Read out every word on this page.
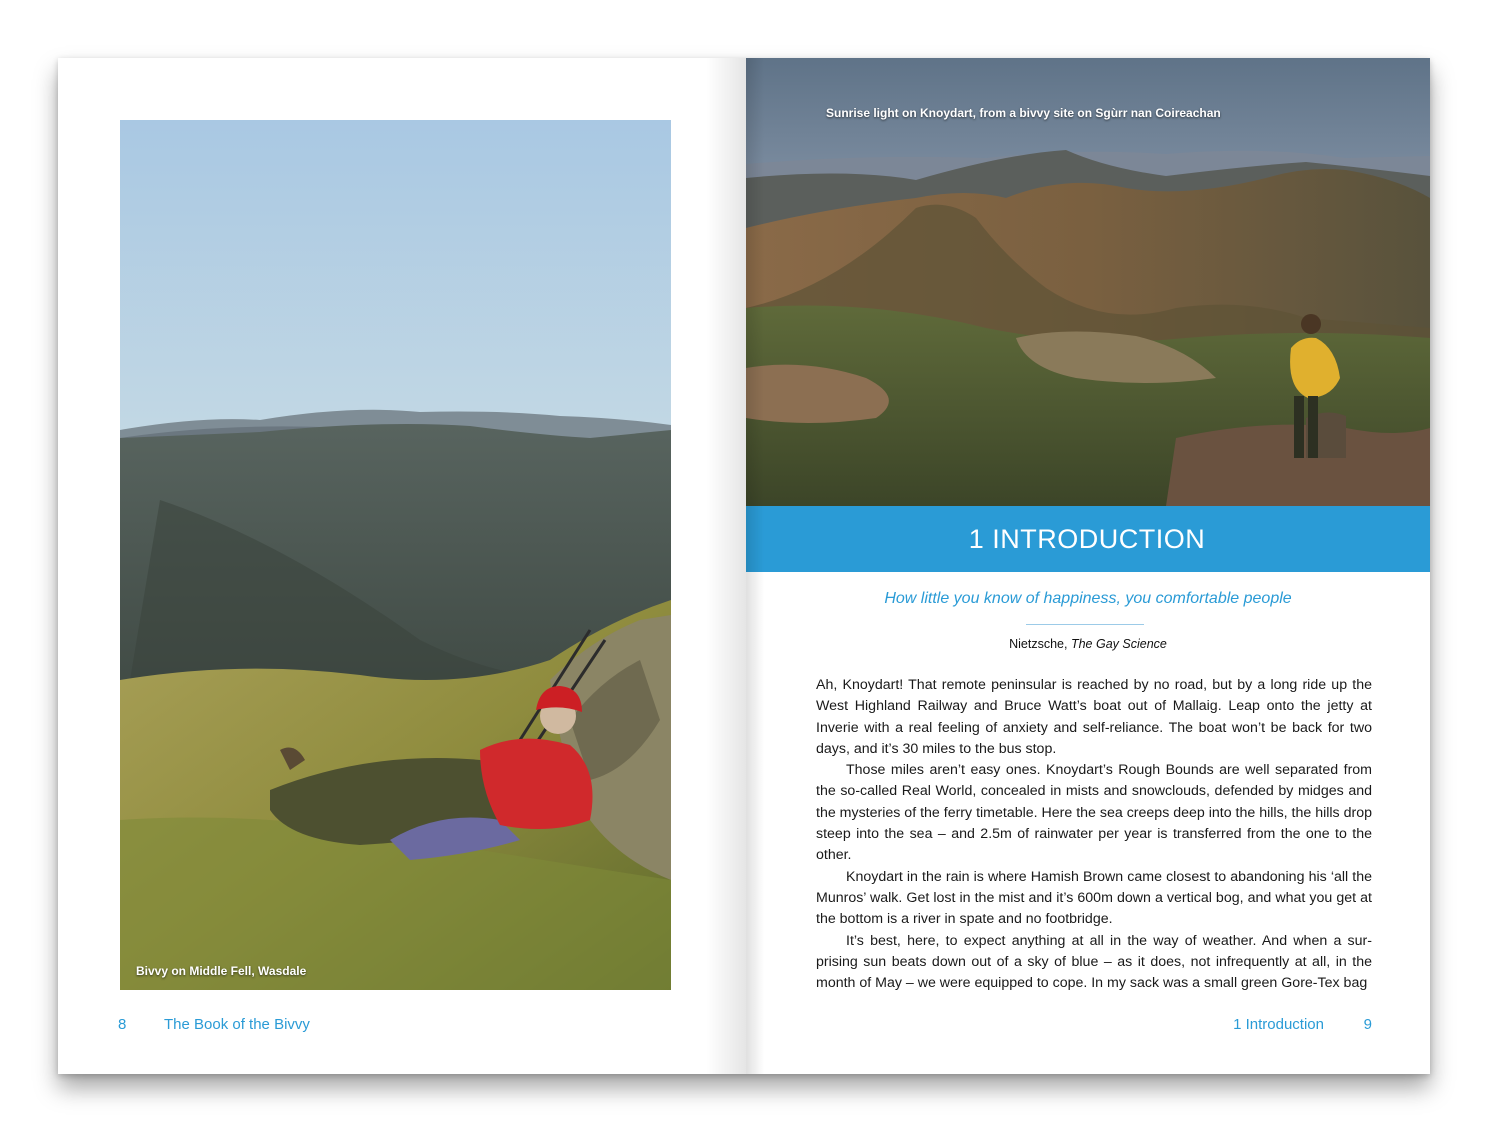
Bivvy on Middle Fell, Wasdale
8	The Book of the Bivvy
Sunrise light on Knoydart, from a bivvy site on Sgùrr nan Coireachan
1 INTRODUCTION
How little you know of happiness, you comfortable people
Nietzsche, The Gay Science

Ah, Knoydart! That remote peninsular is reached by no road, but by a long ride up the West Highland Railway and Bruce Watt’s boat out of Mallaig. Leap onto the jetty at Inverie with a real feeling of anxiety and self-reliance. The boat won’t be back for two days, and it’s 30 miles to the bus stop.

Those miles aren’t easy ones. Knoydart’s Rough Bounds are well separated from the so-called Real World, concealed in mists and snowclouds, defended by midges and the mysteries of the ferry timetable. Here the sea creeps deep into the hills, the hills drop steep into the sea – and 2.5m of rainwater per year is transferred from the one to the other.

Knoydart in the rain is where Hamish Brown came closest to abandoning his ‘all the Munros’ walk. Get lost in the mist and it’s 600m down a vertical bog, and what you get at the bottom is a river in spate and no footbridge.

It’s best, here, to expect anything at all in the way of weather. And when a sur- prising sun beats down out of a sky of blue – as it does, not infrequently at all, in the month of May – we were equipped to cope. In my sack was a small green Gore-Tex bag

1 Introduction	9
